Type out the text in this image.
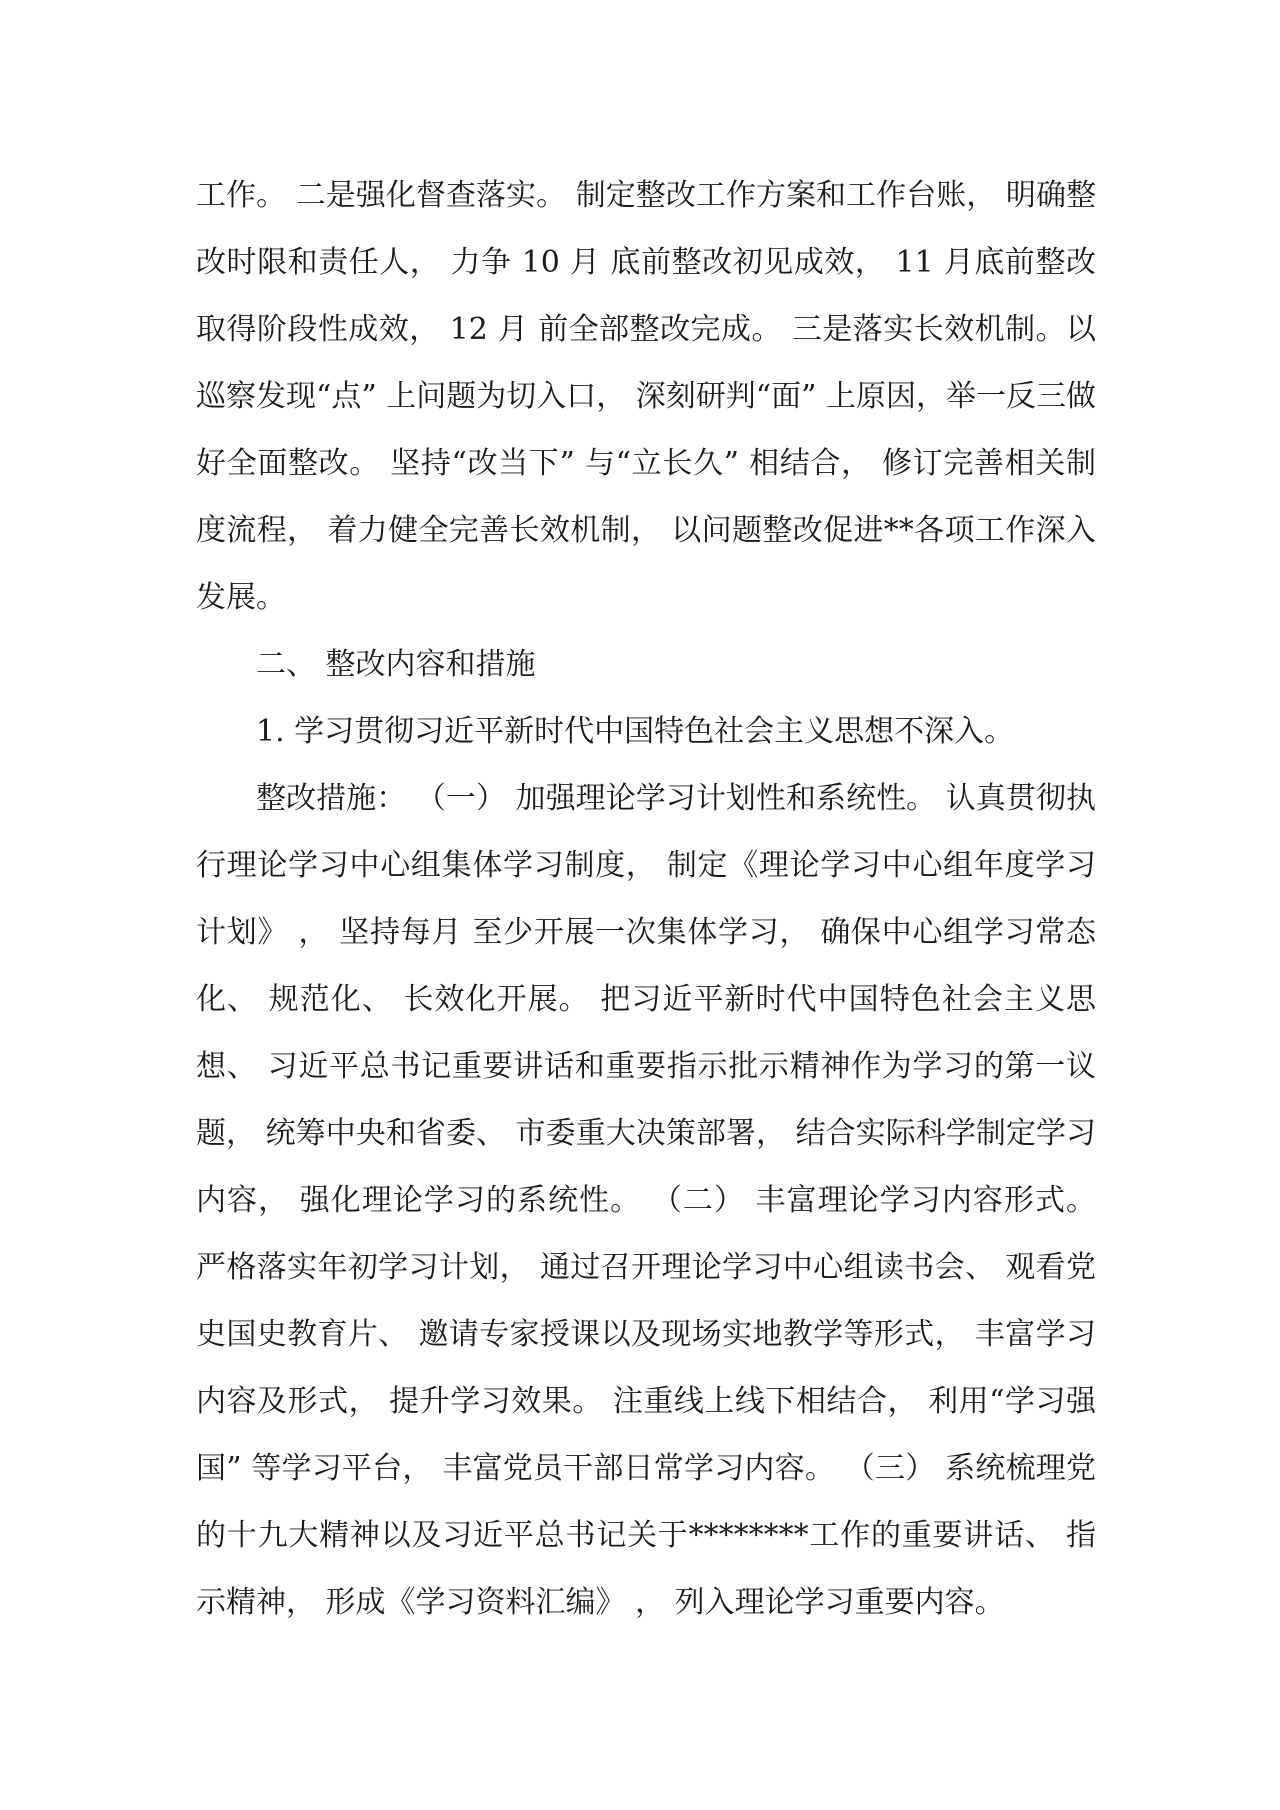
工作。 二是强化督查落实。 制定整改工作方案和工作台账， 明确整改时限和责任人， 力争 10 月 底前整改初见成效， 11 月底前整改取得阶段性成效， 12 月 前全部整改完成。 三是落实长效机制。以巡察发现“点” 上问题为切入口， 深刻研判“面” 上原因，举一反三做好全面整改。 坚持“改当下” 与“立长久” 相结合， 修订完善相关制度流程， 着力健全完善长效机制， 以问题整改促进**各项工作深入发展。

二、 整改内容和措施

1. 学习贯彻习近平新时代中国特色社会主义思想不深入。

整改措施： （一） 加强理论学习计划性和系统性。 认真贯彻执行理论学习中心组集体学习制度， 制定《理论学习中心组年度学习计划》 ， 坚持每月 至少开展一次集体学习， 确保中心组学习常态化、 规范化、 长效化开展。 把习近平新时代中国特色社会主义思想、 习近平总书记重要讲话和重要指示批示精神作为学习的第一议题， 统筹中央和省委、 市委重大决策部署， 结合实际科学制定学习内容， 强化理论学习的系统性。 （二） 丰富理论学习内容形式。 严格落实年初学习计划， 通过召开理论学习中心组读书会、 观看党史国史教育片、 邀请专家授课以及现场实地教学等形式， 丰富学习内容及形式， 提升学习效果。 注重线上线下相结合， 利用“学习强国” 等学习平台， 丰富党员干部日常学习内容。 （三） 系统梳理党的十九大精神以及习近平总书记关于********工作的重要讲话、 指示精神， 形成《学习资料汇编》 ， 列入理论学习重要内容。
